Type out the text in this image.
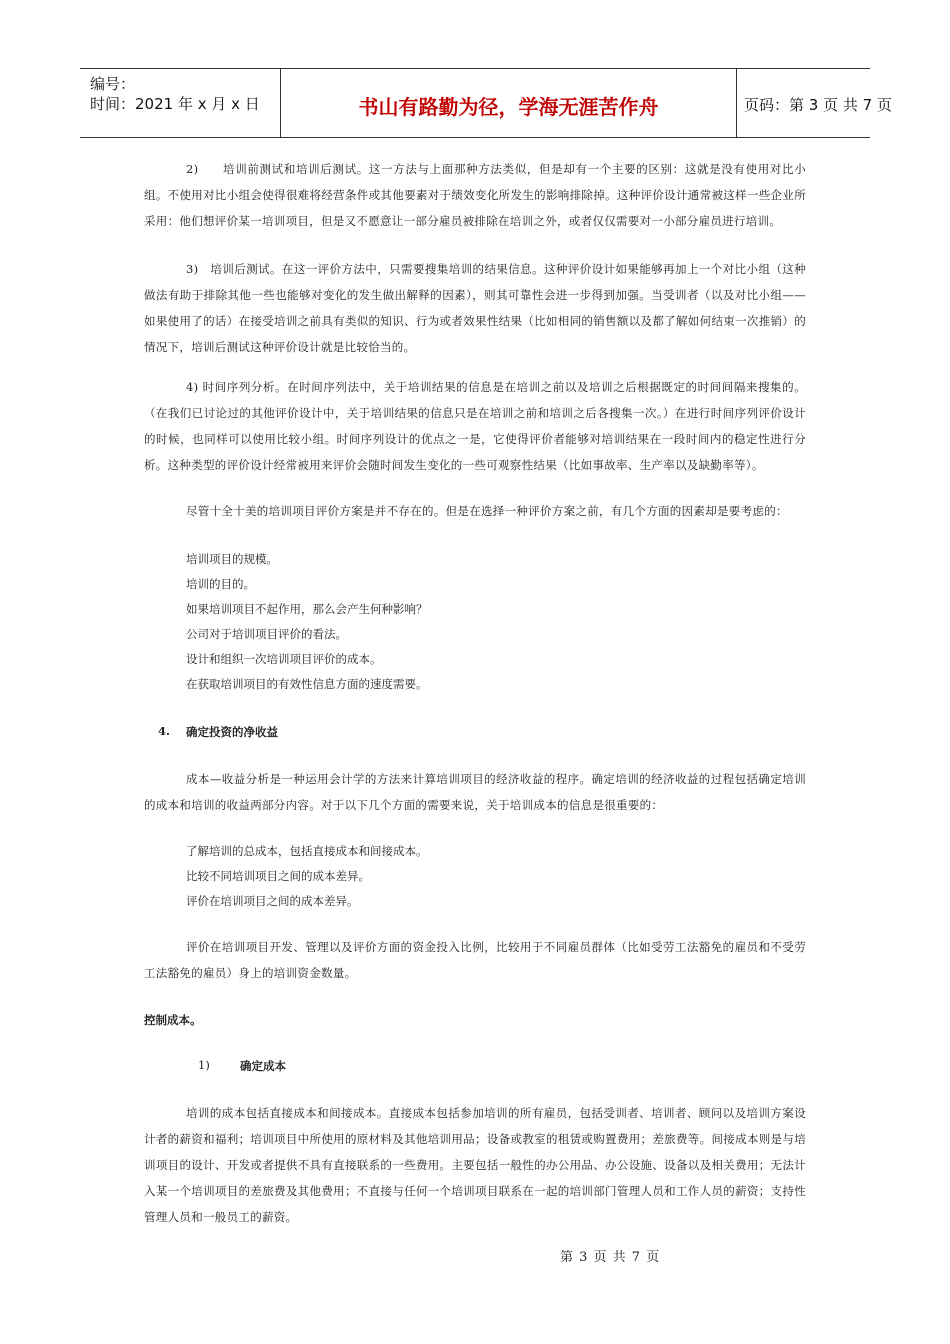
编号：
时间：2021 年 x 月 x 日	书山有路勤为径，学海无涯苦作舟	页码：第 3 页 共 7 页
2)　　培训前测试和培训后测试。这一方法与上面那种方法类似，但是却有一个主要的区别：这就是没有使用对比小组。不使用对比小组会使得很难将经营条件或其他要素对于绩效变化所发生的影响排除掉。这种评价设计通常被这样一些企业所采用：他们想评价某一培训项目，但是又不愿意让一部分雇员被排除在培训之外，或者仅仅需要对一小部分雇员进行培训。
3)　培训后测试。在这一评价方法中，只需要搜集培训的结果信息。这种评价设计如果能够再加上一个对比小组（这种做法有助于排除其他一些也能够对变化的发生做出解释的因素），则其可靠性会进一步得到加强。当受训者（以及对比小组——如果使用了的话）在接受培训之前具有类似的知识、行为或者效果性结果（比如相同的销售额以及都了解如何结束一次推销）的情况下，培训后测试这种评价设计就是比较恰当的。
4) 时间序列分析。在时间序列法中，关于培训结果的信息是在培训之前以及培训之后根据既定的时间间隔来搜集的。（在我们已讨论过的其他评价设计中，关于培训结果的信息只是在培训之前和培训之后各搜集一次。）在进行时间序列评价设计的时候，也同样可以使用比较小组。时间序列设计的优点之一是，它使得评价者能够对培训结果在一段时间内的稳定性进行分析。这种类型的评价设计经常被用来评价会随时间发生变化的一些可观察性结果（比如事故率、生产率以及缺勤率等）。
尽管十全十美的培训项目评价方案是并不存在的。但是在选择一种评价方案之前，有几个方面的因素却是要考虑的：
培训项目的规模。
培训的目的。
如果培训项目不起作用，那么会产生何种影响？
公司对于培训项目评价的看法。
设计和组织一次培训项目评价的成本。
在获取培训项目的有效性信息方面的速度需要。
4. 确定投资的净收益
成本—收益分析是一种运用会计学的方法来计算培训项目的经济收益的程序。确定培训的经济收益的过程包括确定培训的成本和培训的收益两部分内容。对于以下几个方面的需要来说，关于培训成本的信息是很重要的：
了解培训的总成本，包括直接成本和间接成本。
比较不同培训项目之间的成本差异。
评价在培训项目之间的成本差异。
评价在培训项目开发、管理以及评价方面的资金投入比例，比较用于不同雇员群体（比如受劳工法豁免的雇员和不受劳工法豁免的雇员）身上的培训资金数量。
控制成本。
1)	确定成本
培训的成本包括直接成本和间接成本。直接成本包括参加培训的所有雇员，包括受训者、培训者、顾问以及培训方案设计者的薪资和福利；培训项目中所使用的原材料及其他培训用品；设备或教室的租赁或购置费用；差旅费等。间接成本则是与培训项目的设计、开发或者提供不具有直接联系的一些费用。主要包括一般性的办公用品、办公设施、设备以及相关费用；无法计入某一个培训项目的差旅费及其他费用；不直接与任何一个培训项目联系在一起的培训部门管理人员和工作人员的薪资；支持性管理人员和一般员工的薪资。
第 3 页 共 7 页
